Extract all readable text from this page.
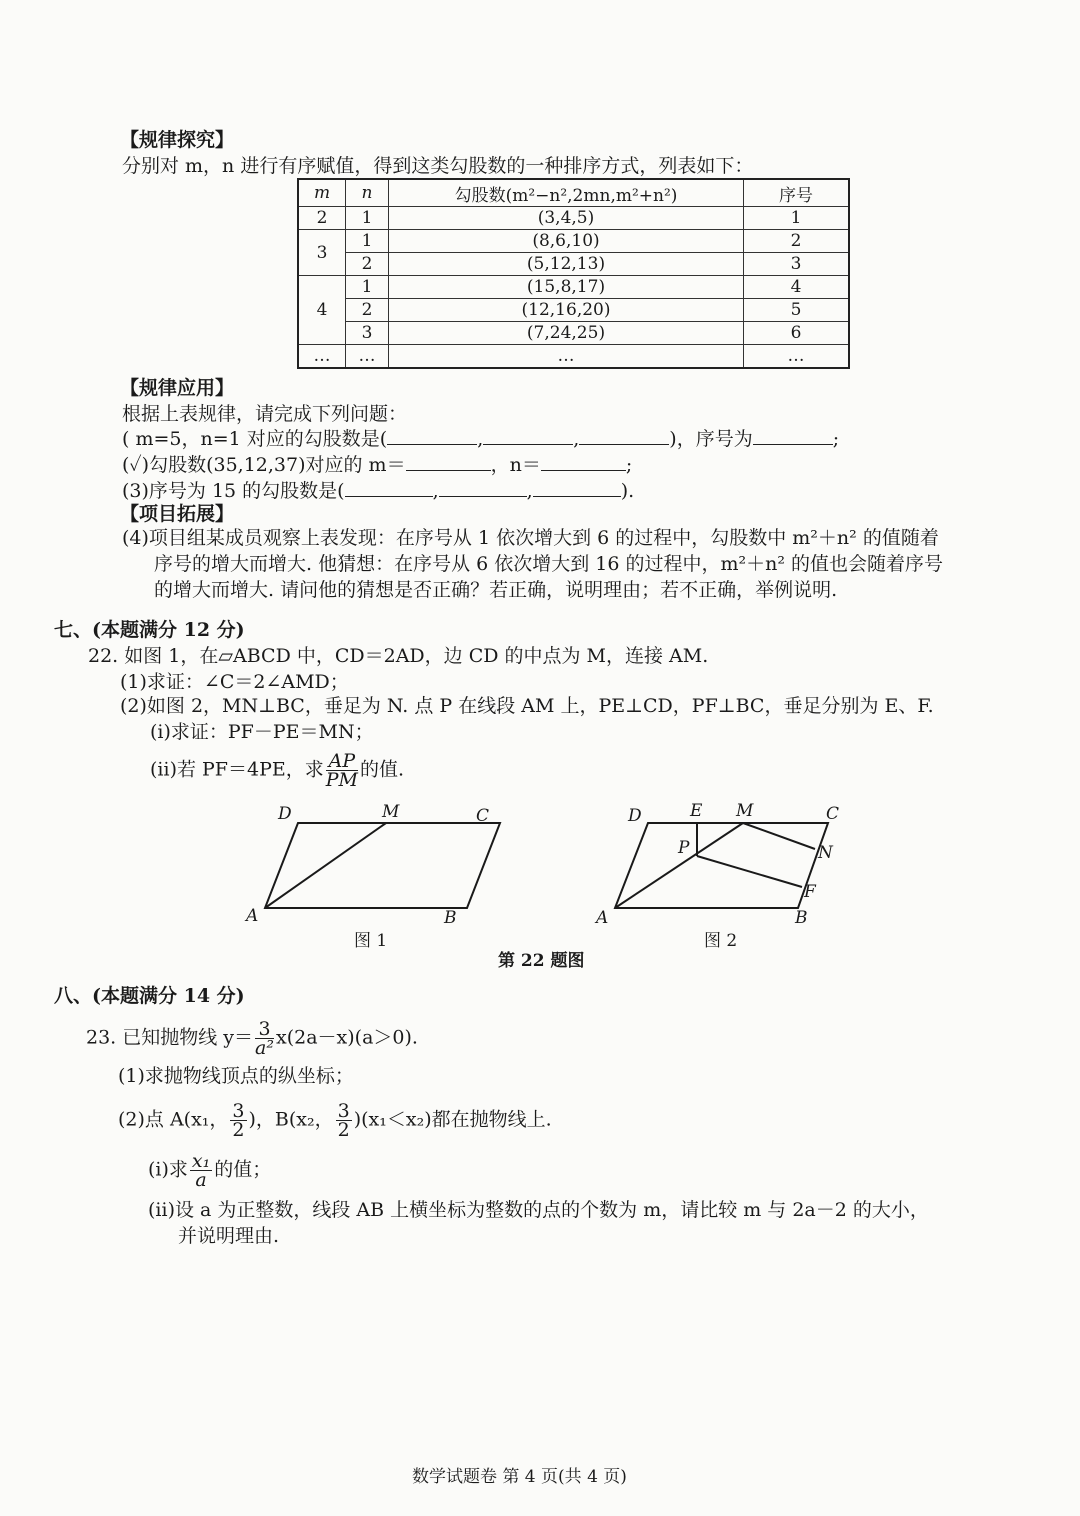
【规律探究】
分别对 m，n 进行有序赋值，得到这类勾股数的一种排序方式，列表如下：
m	n	勾股数(m²−n²,2mn,m²+n²)	序号
2	1	(3,4,5)	1
3	1	(8,6,10)	2
	2	(5,12,13)	3
4	1	(15,8,17)	4
	2	(12,16,20)	5
	3	(7,24,25)	6
…	…	…	…
【规律应用】
根据上表规律，请完成下列问题：
( m=5，n=1 对应的勾股数是(	,	,	)，序号为	;
(✓)勾股数(35,12,37)对应的 m＝	，n＝	;
(3)序号为 15 的勾股数是(	,	,	).
【项目拓展】
(4)项目组某成员观察上表发现：在序号从 1 依次增大到 6 的过程中，勾股数中 m²＋n² 的值随着
序号的增大而增大. 他猜想：在序号从 6 依次增大到 16 的过程中，m²＋n² 的值也会随着序号
的增大而增大. 请问他的猜想是否正确？若正确，说明理由；若不正确，举例说明.
七、(本题满分 12 分)
22. 如图 1，在▱ABCD 中，CD＝2AD，边 CD 的中点为 M，连接 AM.
(1)求证：∠C＝2∠AMD；
(2)如图 2，MN⊥BC，垂足为 N. 点 P 在线段 AM 上，PE⊥CD，PF⊥BC，垂足分别为 E、F.
(ⅰ)求证：PF－PE＝MN；
(ⅱ)若 PF＝4PE，求 $\frac{AP}{PM}$ 的值.
D	M	C
A	B
D	E M	C
P	N
F
A	B
图 1	图 2
第 22 题图
八、(本题满分 14 分)
23. 已知抛物线 $y= \frac{3}{\text{a²}} x(2a-x)(a>0)$.
(1)求抛物线顶点的纵坐标；
(2)点 A(x₁， $\frac{3}{2}$ )，B(x₂， $\frac{3}{2} )(x_1<x_2)$都在抛物线上.
(ⅰ)求 $\frac{\text{x₁}}{a}$ 的值；
(ⅱ)设 a 为正整数，线段 AB 上横坐标为整数的点的个数为 m，请比较 m 与 2a－2 的大小，
并说明理由.
数学试题卷 第 4 页(共 4 页)
